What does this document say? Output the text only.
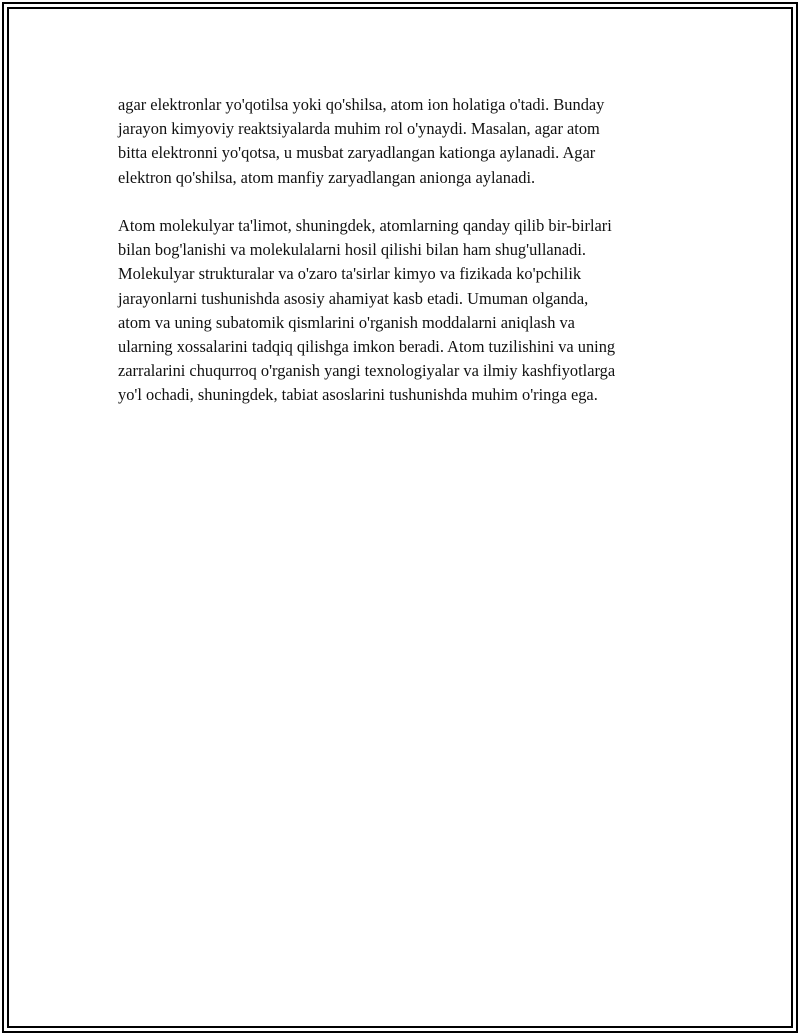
agar elektronlar yo'qotilsa yoki qo'shilsa, atom ion holatiga o'tadi. Bunday
jarayon kimyoviy reaktsiyalarda muhim rol o'ynaydi. Masalan, agar atom
bitta elektronni yo'qotsa, u musbat zaryadlangan kationga aylanadi. Agar
elektron qo'shilsa, atom manfiy zaryadlangan anionga aylanadi.

Atom molekulyar ta'limot, shuningdek, atomlarning qanday qilib bir-birlari
bilan bog'lanishi va molekulalarni hosil qilishi bilan ham shug'ullanadi.
Molekulyar strukturalar va o'zaro ta'sirlar kimyo va fizikada ko'pchilik
jarayonlarni tushunishda asosiy ahamiyat kasb etadi. Umuman olganda,
atom va uning subatomik qismlarini o'rganish moddalarni aniqlash va
ularning xossalarini tadqiq qilishga imkon beradi. Atom tuzilishini va uning
zarralarini chuqurroq o'rganish yangi texnologiyalar va ilmiy kashfiyotlarga
yo'l ochadi, shuningdek, tabiat asoslarini tushunishda muhim o'ringa ega.
